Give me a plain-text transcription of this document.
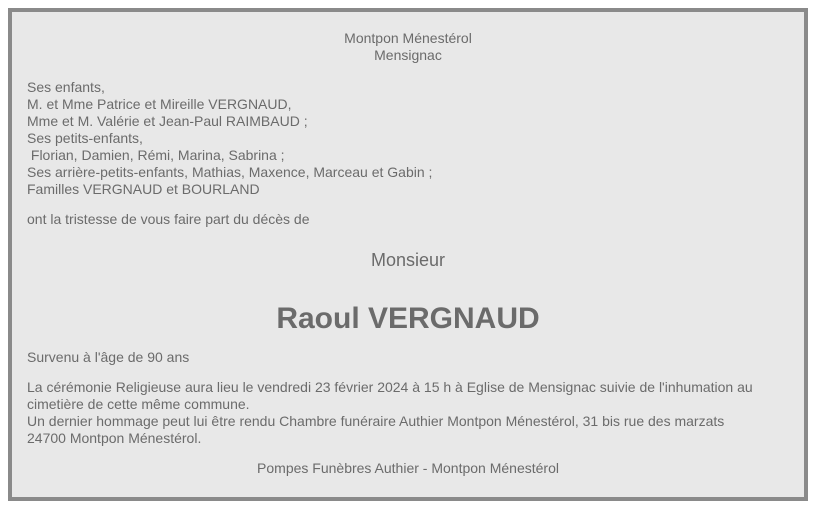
Montpon Ménestérol
Mensignac
Ses enfants,
M. et Mme Patrice et Mireille VERGNAUD,
Mme et M. Valérie et Jean-Paul RAIMBAUD ;
Ses petits-enfants,
Florian, Damien, Rémi, Marina, Sabrina ;
Ses arrière-petits-enfants, Mathias, Maxence, Marceau et Gabin ;
Familles VERGNAUD et BOURLAND
ont la tristesse de vous faire part du décès de
Monsieur
Raoul VERGNAUD
Survenu à l'âge de 90 ans
La cérémonie Religieuse aura lieu le vendredi 23 février 2024 à 15 h à Eglise de Mensignac suivie de l'inhumation au
cimetière de cette même commune.
Un dernier hommage peut lui être rendu Chambre funéraire Authier Montpon Ménestérol, 31 bis rue des marzats
24700 Montpon Ménestérol.
Pompes Funèbres Authier - Montpon Ménestérol
